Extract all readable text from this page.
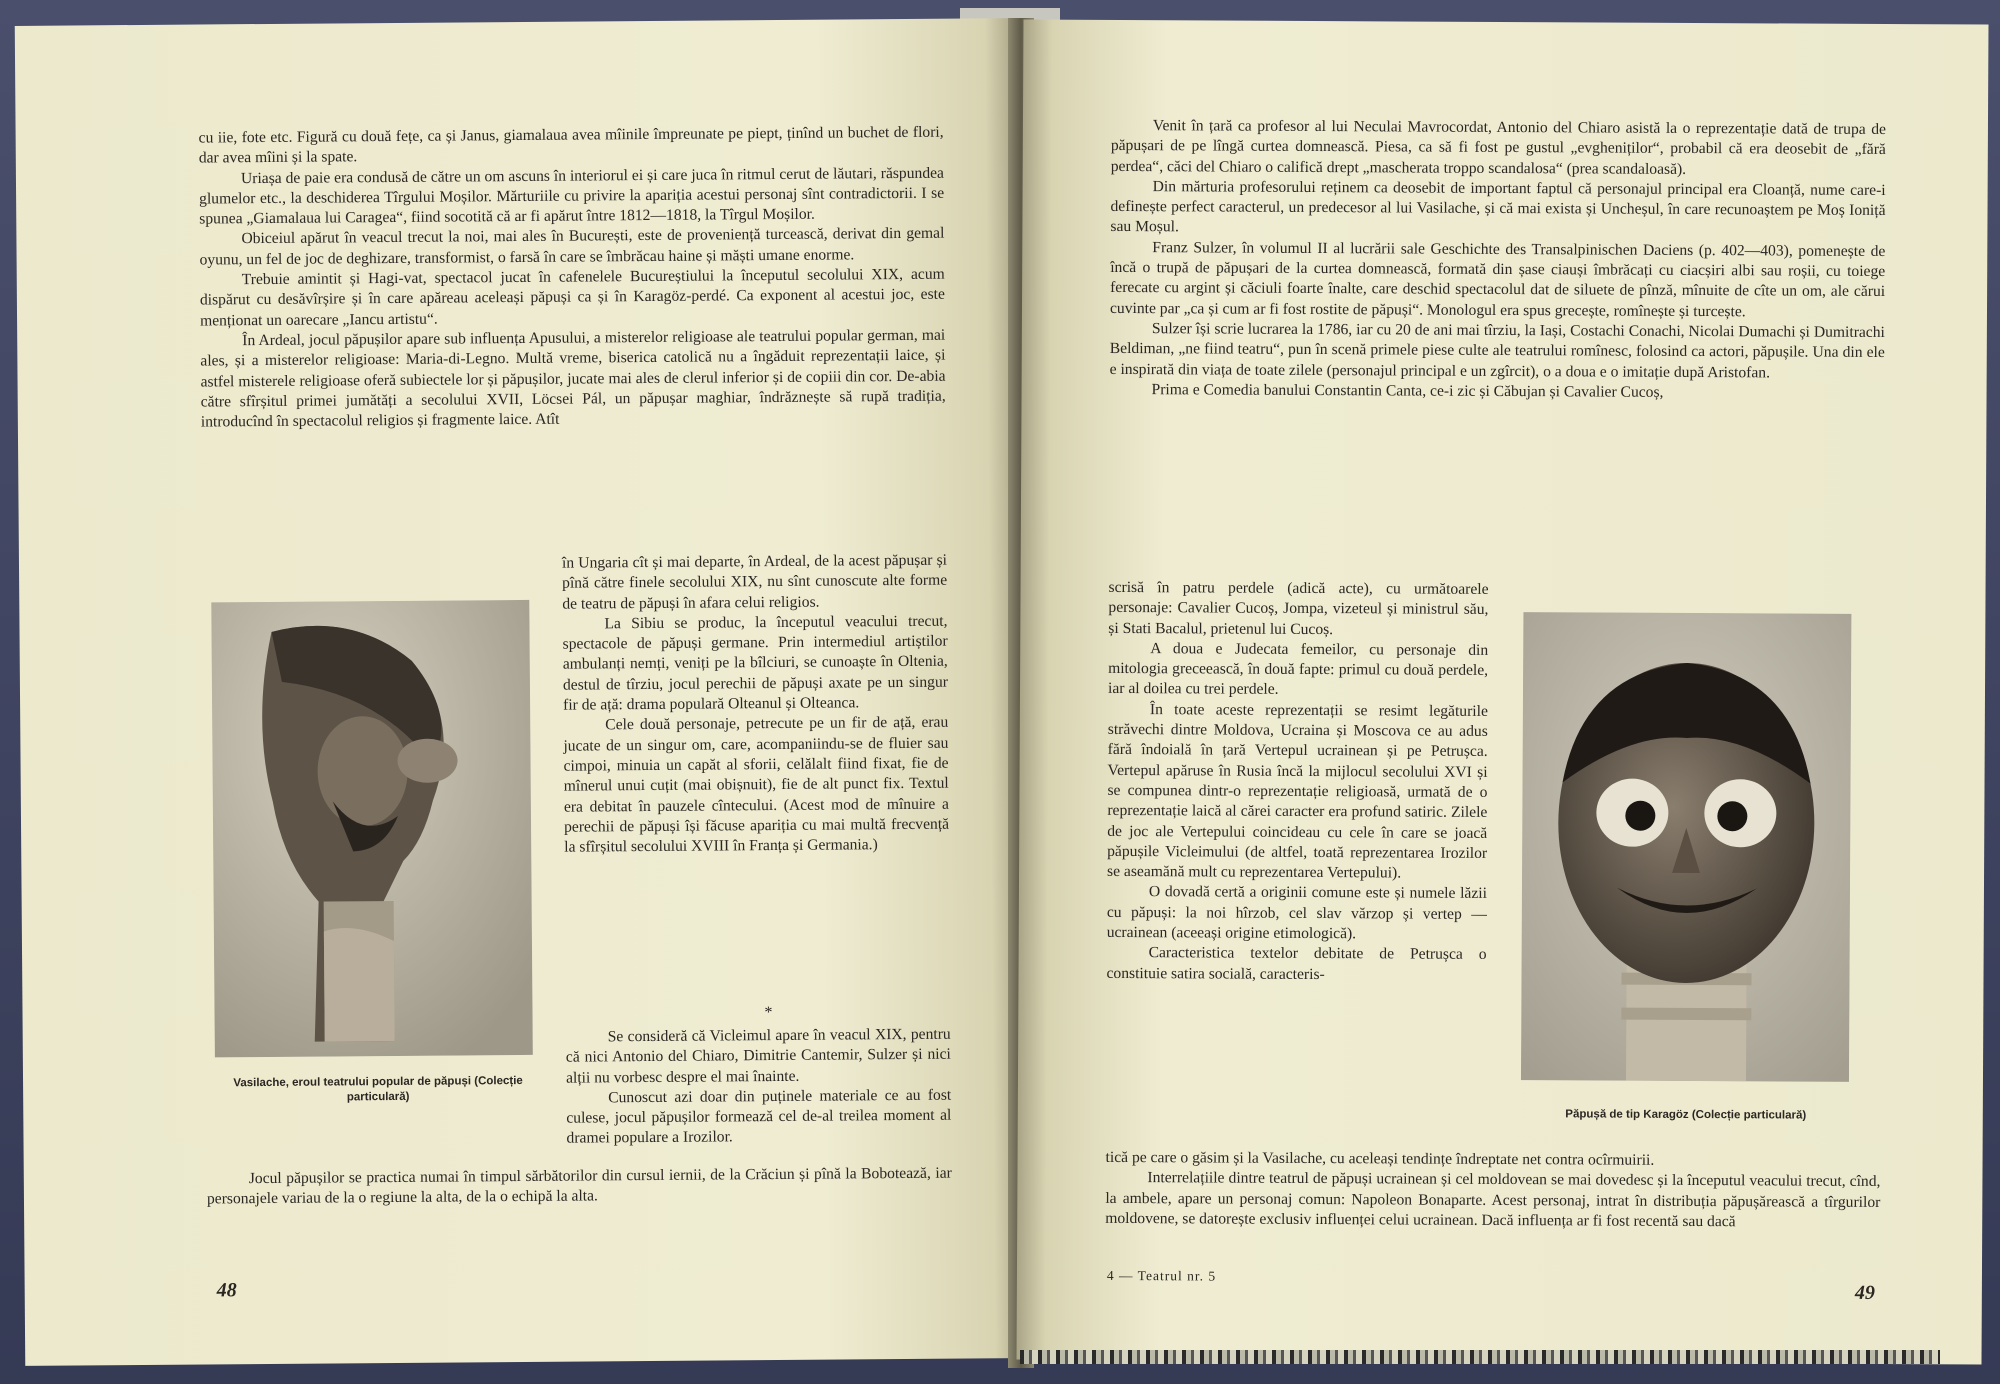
cu iie, fote etc. Figură cu două fețe, ca și Janus, giamalaua avea mîinile împreunate pe piept, ținînd un buchet de flori, dar avea mîini și la spate.

Uriașa de paie era condusă de către un om ascuns în interiorul ei și care juca în ritmul cerut de lăutari, răspundea glumelor etc., la deschiderea Tîrgului Moșilor. Mărturiile cu privire la apariția acestui personaj sînt contradictorii. I se spunea „Giamalaua lui Caragea“, fiind socotită că ar fi apărut între 1812—1818, la Tîrgul Moșilor.

Obiceiul apărut în veacul trecut la noi, mai ales în București, este de proveniență turcească, derivat din gemal oyunu, un fel de joc de deghizare, transformist, o farsă în care se îmbrăcau haine și măști umane enorme.

Trebuie amintit și Hagi-vat, spectacol jucat în cafenelele Bucureștiului la începutul secolului XIX, acum dispărut cu desăvîrșire și în care apăreau aceleași păpuși ca și în Karagöz-perdé. Ca exponent al acestui joc, este menționat un oarecare „Iancu artistu“.

În Ardeal, jocul păpușilor apare sub influența Apusului, a misterelor religioase ale teatrului popular german, mai ales, și a misterelor religioase: Maria-di-Legno. Multă vreme, biserica catolică nu a îngăduit reprezentații laice, și astfel misterele religioase oferă subiectele lor și păpușilor, jucate mai ales de clerul inferior și de copiii din cor. De-abia către sfîrșitul primei jumătăți a secolului XVII, Löcsei Pál, un păpușar maghiar, îndrăznește să rupă tradiția, introducînd în spectacolul religios și fragmente laice. Atît

Vasilache, eroul teatrului popular de păpuși (Colecție particulară)

în Ungaria cît și mai departe, în Ardeal, de la acest păpușar și pînă către finele secolului XIX, nu sînt cunoscute alte forme de teatru de păpuși în afara celui religios.

La Sibiu se produc, la începutul veacului trecut, spectacole de păpuși germane. Prin intermediul artiștilor ambulanți nemți, veniți pe la bîlciuri, se cunoaște în Oltenia, destul de tîrziu, jocul perechii de păpuși axate pe un singur fir de ață: drama populară Olteanul și Olteanca.

Cele două personaje, petrecute pe un fir de ață, erau jucate de un singur om, care, acompaniindu-se de fluier sau cimpoi, minuia un capăt al sforii, celălalt fiind fixat, fie de mînerul unui cuțit (mai obișnuit), fie de alt punct fix. Textul era debitat în pauzele cîntecului. (Acest mod de mînuire a perechii de păpuși își făcuse apariția cu mai multă frecvență la sfîrșitul secolului XVIII în Franța și Germania.)

*

Se consideră că Vicleimul apare în veacul XIX, pentru că nici Antonio del Chiaro, Dimitrie Cantemir, Sulzer și nici alții nu vorbesc despre el mai înainte.

Cunoscut azi doar din puținele materiale ce au fost culese, jocul păpușilor formează cel de-al treilea moment al dramei populare a Irozilor.

Jocul păpușilor se practica numai în timpul sărbătorilor din cursul iernii, de la Crăciun și pînă la Bobotează, iar personajele variau de la o regiune la alta, de la o echipă la alta.

48

Venit în țară ca profesor al lui Neculai Mavrocordat, Antonio del Chiaro asistă la o reprezentație dată de trupa de păpușari de pe lîngă curtea domnească. Piesa, ca să fi fost pe gustul „evgheniților“, probabil că era deosebit de „fără perdea“, căci del Chiaro o califică drept „mascherata troppo scandalosa“ (prea scandaloasă).

Din mărturia profesorului reținem ca deosebit de important faptul că personajul principal era Cloanță, nume care-i definește perfect caracterul, un predecesor al lui Vasilache, și că mai exista și Uncheșul, în care recunoaștem pe Moș Ioniță sau Moșul.

Franz Sulzer, în volumul II al lucrării sale Geschichte des Transalpinischen Daciens (p. 402—403), pomenește de încă o trupă de păpușari de la curtea domnească, formată din șase ciauși îmbrăcați cu ciacșiri albi sau roșii, cu toiege ferecate cu argint și căciuli foarte înalte, care deschid spectacolul dat de siluete de pînză, mînuite de cîte un om, ale cărui cuvinte par „ca și cum ar fi fost rostite de păpuși“. Monologul era spus grecește, romînește și turcește.

Sulzer își scrie lucrarea la 1786, iar cu 20 de ani mai tîrziu, la Iași, Costachi Conachi, Nicolai Dumachi și Dumitrachi Beldiman, „ne fiind teatru“, pun în scenă primele piese culte ale teatrului romînesc, folosind ca actori, păpușile. Una din ele e inspirată din viața de toate zilele (personajul principal e un zgîrcit), o a doua e o imitație după Aristofan.

Prima e Comedia banului Constantin Canta, ce-i zic și Căbujan și Cavalier Cucoș,

scrisă în patru perdele (adică acte), cu următoarele personaje: Cavalier Cucoș, Jompa, vizeteul și ministrul său, și Stati Bacalul, prietenul lui Cucoș.

A doua e Judecata femeilor, cu personaje din mitologia greceească, în două fapte: primul cu două perdele, iar al doilea cu trei perdele.

În toate aceste reprezentații se resimt legăturile străvechi dintre Moldova, Ucraina și Moscova ce au adus fără îndoială în țară Vertepul ucrainean și pe Petrușca. Vertepul apăruse în Rusia încă la mijlocul secolului XVI și se compunea dintr-o reprezentație religioasă, urmată de o reprezentație laică al cărei caracter era profund satiric. Zilele de joc ale Vertepului coincideau cu cele în care se joacă păpușile Vicleimului (de altfel, toată reprezentarea Irozilor se aseamănă mult cu reprezentarea Vertepului).

O dovadă certă a originii comune este și numele lăzii cu păpuși: la noi hîrzob, cel slav vărzop și vertep — ucrainean (aceeași origine etimologică).

Caracteristica textelor debitate de Petrușca o constituie satira socială, caracteris-

Păpușă de tip Karagöz (Colecție particulară)

tică pe care o găsim și la Vasilache, cu aceleași tendințe îndreptate net contra ocîrmuirii.

Interrelațiile dintre teatrul de păpuși ucrainean și cel moldovean se mai dovedesc și la începutul veacului trecut, cînd, la ambele, apare un personaj comun: Napoleon Bonaparte. Acest personaj, intrat în distribuția păpușărească a tîrgurilor moldovene, se datorește exclusiv influenței celui ucrainean. Dacă influența ar fi fost recentă sau dacă

4 — Teatrul nr. 5
49
